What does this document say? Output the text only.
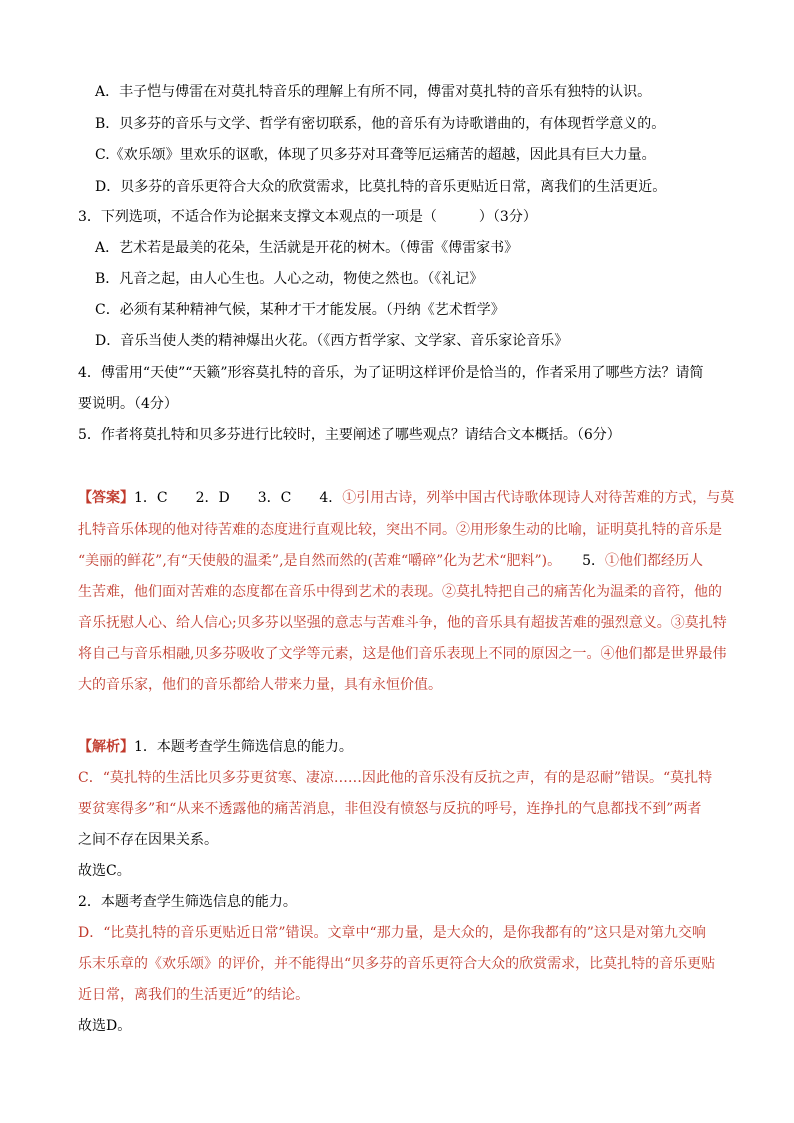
A．丰子恺与傅雷在对莫扎特音乐的理解上有所不同，傅雷对莫扎特的音乐有独特的认识。
B．贝多芬的音乐与文学、哲学有密切联系，他的音乐有为诗歌谱曲的，有体现哲学意义的。
C.《欢乐颂》里欢乐的讴歌，体现了贝多芬对耳聋等厄运痛苦的超越，因此具有巨大力量。
D．贝多芬的音乐更符合大众的欣赏需求，比莫扎特的音乐更贴近日常，离我们的生活更近。
3．下列选项，不适合作为论据来支撑文本观点的一项是（　　　）（3分）
A．艺术若是最美的花朵，生活就是开花的树木。（傅雷《傅雷家书》
B．凡音之起，由人心生也。人心之动，物使之然也。（《礼记》
C．必须有某种精神气候，某种才干才能发展。（丹纳《艺术哲学》
D．音乐当使人类的精神爆出火花。（《西方哲学家、文学家、音乐家论音乐》
4．傅雷用“天使”“天籁”形容莫扎特的音乐，为了证明这样评价是恰当的，作者采用了哪些方法？请简
要说明。（4分）
5．作者将莫扎特和贝多芬进行比较时，主要阐述了哪些观点？请结合文本概括。（6分）
【答案】1．C　　2．D　　3．C　　4．①引用古诗，列举中国古代诗歌体现诗人对待苦难的方式，与莫
扎特音乐体现的他对待苦难的态度进行直观比较，突出不同。②用形象生动的比喻，证明莫扎特的音乐是
“美丽的鲜花”,有“天使般的温柔”,是自然而然的(苦难“嚼碎”化为艺术“肥料”)。　　5．①他们都经历人
生苦难，他们面对苦难的态度都在音乐中得到艺术的表现。②莫扎特把自己的痛苦化为温柔的音符，他的
音乐抚慰人心、给人信心;贝多芬以坚强的意志与苦难斗争，他的音乐具有超拔苦难的强烈意义。③莫扎特
将自己与音乐相融,贝多芬吸收了文学等元素，这是他们音乐表现上不同的原因之一。④他们都是世界最伟
大的音乐家，他们的音乐都给人带来力量，具有永恒价值。
【解析】1．本题考查学生筛选信息的能力。
C．“莫扎特的生活比贝多芬更贫寒、凄凉……因此他的音乐没有反抗之声，有的是忍耐”错误。“莫扎特
要贫寒得多”和“从来不透露他的痛苦消息，非但没有愤怒与反抗的呼号，连挣扎的气息都找不到”两者
之间不存在因果关系。
故选C。
2．本题考查学生筛选信息的能力。
D．“比莫扎特的音乐更贴近日常”错误。文章中“那力量，是大众的，是你我都有的”这只是对第九交响
乐末乐章的《欢乐颂》的评价，并不能得出“贝多芬的音乐更符合大众的欣赏需求，比莫扎特的音乐更贴
近日常，离我们的生活更近”的结论。
故选D。
